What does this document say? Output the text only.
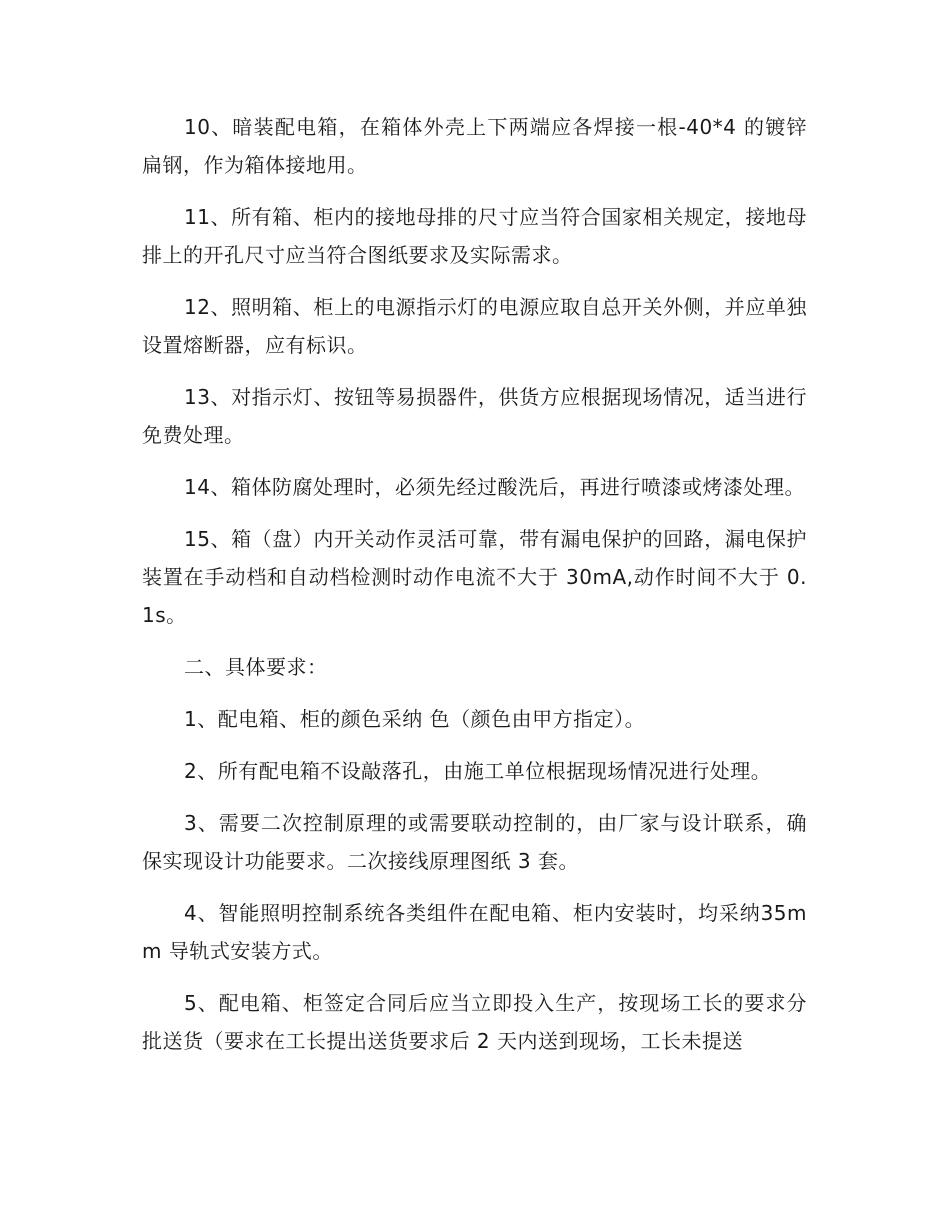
10、暗装配电箱，在箱体外壳上下两端应各焊接一根-40*4 的镀锌扁钢，作为箱体接地用。

11、所有箱、柜内的接地母排的尺寸应当符合国家相关规定，接地母排上的开孔尺寸应当符合图纸要求及实际需求。

12、照明箱、柜上的电源指示灯的电源应取自总开关外侧，并应单独设置熔断器，应有标识。

13、对指示灯、按钮等易损器件，供货方应根据现场情况，适当进行免费处理。

14、箱体防腐处理时，必须先经过酸洗后，再进行喷漆或烤漆处理。

15、箱（盘）内开关动作灵活可靠，带有漏电保护的回路，漏电保护装置在手动档和自动档检测时动作电流不大于 30mA,动作时间不大于 0.1s。

二、具体要求：

1、配电箱、柜的颜色采纳 色（颜色由甲方指定）。

2、所有配电箱不设敲落孔，由施工单位根据现场情况进行处理。

3、需要二次控制原理的或需要联动控制的，由厂家与设计联系，确保实现设计功能要求。二次接线原理图纸 3 套。

4、智能照明控制系统各类组件在配电箱、柜内安装时，均采纳35mm 导轨式安装方式。

5、配电箱、柜签定合同后应当立即投入生产，按现场工长的要求分批送货（要求在工长提出送货要求后 2 天内送到现场，工长未提送
